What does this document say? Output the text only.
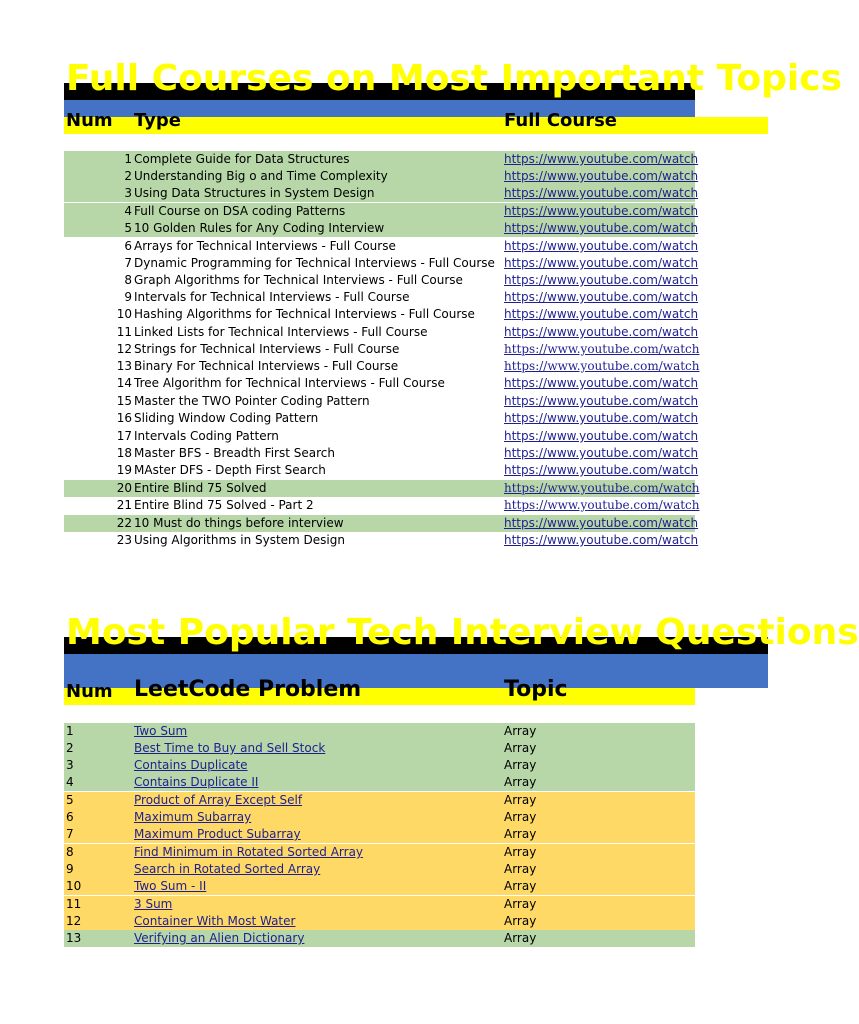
Full Courses on Most Important Topics
Num Type	Full Course
1 Complete Guide for Data Structures	https://www.youtube.com/watch
2 Understanding Big o and Time Complexity	https://www.youtube.com/watch
3 Using Data Structures in System Design	https://www.youtube.com/watch
4 Full Course on DSA coding Patterns	https://www.youtube.com/watch
5 10 Golden Rules for Any Coding Interview	https://www.youtube.com/watch
6 Arrays for Technical Interviews - Full Course	https://www.youtube.com/watch
7 Dynamic Programming for Technical Interviews - Full Course https://www.youtube.com/watch
8 Graph Algorithms for Technical Interviews - Full Course	https://www.youtube.com/watch
9 Intervals for Technical Interviews - Full Course	https://www.youtube.com/watch
10 Hashing Algorithms for Technical Interviews - Full Course https://www.youtube.com/watch
11 Linked Lists for Technical Interviews - Full Course	https://www.youtube.com/watch
12 Strings for Technical Interviews - Full Course	https://www.youtube.com/watch
13 Binary For Technical Interviews - Full Course	https://www.youtube.com/watch
14 Tree Algorithm for Technical Interviews - Full Course	https://www.youtube.com/watch
15 Master the TWO Pointer Coding Pattern	https://www.youtube.com/watch
16 Sliding Window Coding Pattern	https://www.youtube.com/watch
17 Intervals Coding Pattern	https://www.youtube.com/watch
18 Master BFS - Breadth First Search	https://www.youtube.com/watch
19 MAster DFS - Depth First Search	https://www.youtube.com/watch
20 Entire Blind 75 Solved	https://www.youtube.com/watch
21 Entire Blind 75 Solved - Part 2	https://www.youtube.com/watch
22 10 Must do things before interview	https://www.youtube.com/watch
23 Using Algorithms in System Design	https://www.youtube.com/watch
Most Popular Tech Interview Questions
Num LeetCode Problem	Topic
1	Two Sum	Array
2	Best Time to Buy and Sell Stock	Array
3	Contains Duplicate	Array
4	Contains Duplicate II	Array
5	Product of Array Except Self	Array
6	Maximum Subarray	Array
7	Maximum Product Subarray	Array
8	Find Minimum in Rotated Sorted Array	Array
9	Search in Rotated Sorted Array	Array
10	Two Sum - II	Array
11	3 Sum	Array
12	Container With Most Water	Array
13	Verifying an Alien Dictionary	Array
